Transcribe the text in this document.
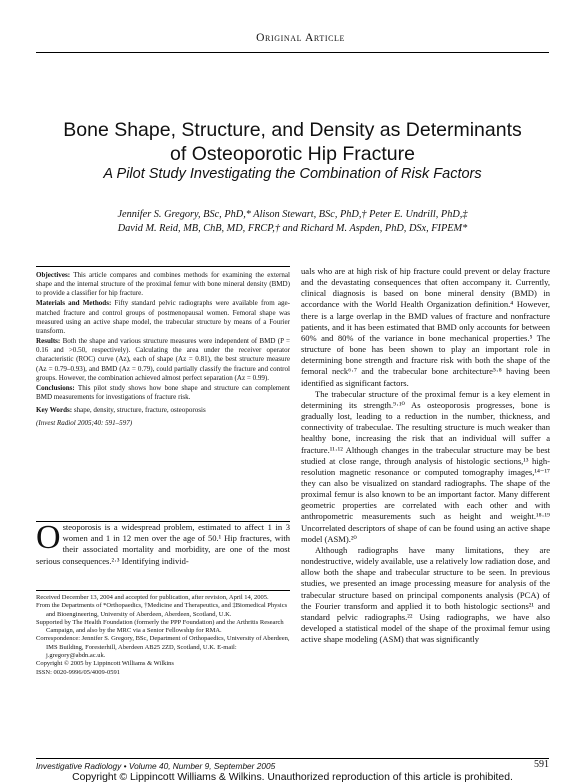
Original Article
Bone Shape, Structure, and Density as Determinants
of Osteoporotic Hip Fracture
A Pilot Study Investigating the Combination of Risk Factors
Jennifer S. Gregory, BSc, PhD,* Alison Stewart, BSc, PhD,† Peter E. Undrill, PhD,‡
David M. Reid, MB, ChB, MD, FRCP,† and Richard M. Aspden, PhD, DSx, FIPEM*

Objectives: This article compares and combines methods for examining the external shape and the internal structure of the proximal femur with bone mineral density (BMD) to provide a classifier for hip fracture.

Materials and Methods: Fifty standard pelvic radiographs were available from age-matched fracture and control groups of postmenopausal women. Femoral shape was measured using an active shape model, the trabecular structure by means of a Fourier transform.

Results: Both the shape and various structure measures were independent of BMD (P = 0.16 and >0.50, respectively). Calculating the area under the receiver operator characteristic (ROC) curve (Az), each of shape (Az = 0.81), the best structure measure (Az = 0.79–0.93), and BMD (Az = 0.79), could partially classify the fracture and control groups. However, the combination achieved almost perfect separation (Az = 0.99).

Conclusions: This pilot study shows how bone shape and structure can complement BMD measurements for investigations of fracture risk.

Key Words: shape, density, structure, fracture, osteoporosis

(Invest Radiol 2005;40: 591–597)

Osteoporosis is a widespread problem, estimated to affect 1 in 3 women and 1 in 12 men over the age of 50.¹ Hip fractures, with their associated mortality and morbidity, are one of the most serious consequences.²·³ Identifying individ-

Received December 13, 2004 and accepted for publication, after revision, April 14, 2005.

From the Departments of *Orthopaedics, †Medicine and Therapeutics, and ‡Biomedical Physics and Bioengineering, University of Aberdeen, Aberdeen, Scotland, U.K.

Supported by The Health Foundation (formerly the PPP Foundation) and the Arthritis Research Campaign, and also by the MRC via a Senior Fellowship for RMA.

Correspondence: Jennifer S. Gregory, BSc, Department of Orthopaedics, University of Aberdeen, IMS Building, Foresterhill, Aberdeen AB25 2ZD, Scotland, U.K. E-mail: j.gregory@abdn.ac.uk.

Copyright © 2005 by Lippincott Williams & Wilkins

ISSN: 0020-9996/05/4009-0591

uals who are at high risk of hip fracture could prevent or delay fracture and the devastating consequences that often accompany it. Currently, clinical diagnosis is based on bone mineral density (BMD) in accordance with the World Health Organization definition.⁴ However, there is a large overlap in the BMD values of fracture and nonfracture patients, and it has been estimated that BMD only accounts for between 60% and 80% of the variance in bone mechanical properties.⁵ The structure of bone has been shown to play an important role in determining bone strength and fracture risk with both the shape of the femoral neck⁶·⁷ and the trabecular bone architecture⁵·⁸ having been identified as significant factors.

The trabecular structure of the proximal femur is a key element in determining its strength.⁹·¹⁰ As osteoporosis progresses, bone is gradually lost, leading to a reduction in the number, thickness, and connectivity of trabeculae. The resulting structure is much weaker than healthy bone, increasing the risk that an individual will suffer a fracture.¹¹·¹² Although changes in the trabecular structure may be best studied at close range, through analysis of histologic sections,¹³ high-resolution magnetic resonance or computed tomography images,¹⁴⁻¹⁷ they can also be visualized on standard radiographs. The shape of the proximal femur is also known to be an important factor. Many different geometric properties are correlated with each other and with anthropometric measurements such as height and weight.¹⁸·¹⁹ Uncorrelated descriptors of shape of can be found using an active shape model (ASM).²⁰

Although radiographs have many limitations, they are nondestructive, widely available, use a relatively low radiation dose, and allow both the shape and trabecular structure to be seen. In previous studies, we presented an image processing measure for analysis of the trabecular structure based on principal components analysis (PCA) of the Fourier transform and applied it to both histologic sections²¹ and standard pelvic radiographs.²² Using radiographs, we have also developed a statistical model of the shape of the proximal femur using active shape modeling (ASM) that was significantly

Investigative Radiology • Volume 40, Number 9, September 2005	591
Copyright © Lippincott Williams & Wilkins. Unauthorized reproduction of this article is prohibited.
